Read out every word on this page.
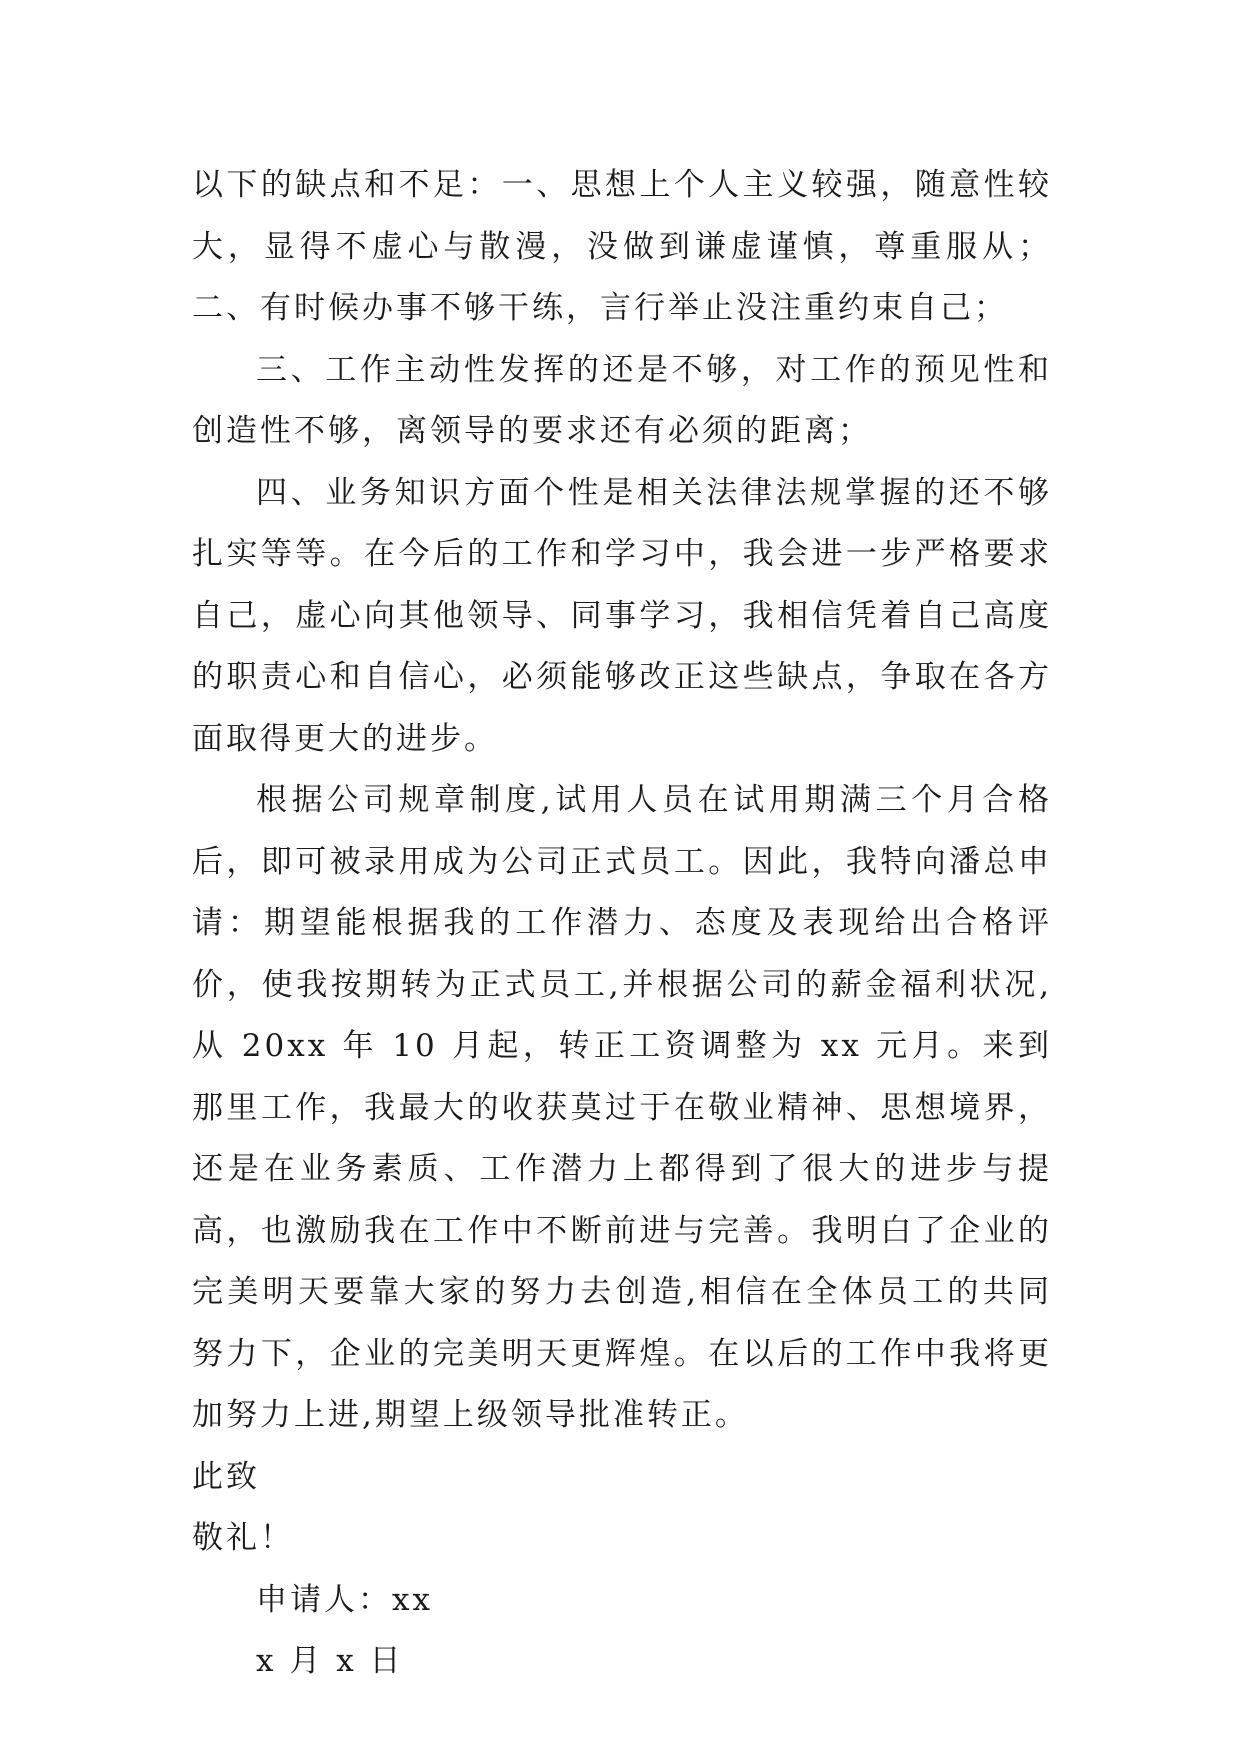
以下的缺点和不足：一、思想上个人主义较强，随意性较大，显得不虚心与散漫，没做到谦虚谨慎，尊重服从；二、有时候办事不够干练，言行举止没注重约束自己；

三、工作主动性发挥的还是不够，对工作的预见性和创造性不够，离领导的要求还有必须的距离；

四、业务知识方面个性是相关法律法规掌握的还不够扎实等等。在今后的工作和学习中，我会进一步严格要求自己，虚心向其他领导、同事学习，我相信凭着自己高度的职责心和自信心，必须能够改正这些缺点，争取在各方面取得更大的进步。

根据公司规章制度,试用人员在试用期满三个月合格后，即可被录用成为公司正式员工。因此，我特向潘总申请：期望能根据我的工作潜力、态度及表现给出合格评价，使我按期转为正式员工,并根据公司的薪金福利状况,从 20xx 年 10 月起，转正工资调整为 xx 元月。来到那里工作，我最大的收获莫过于在敬业精神、思想境界，还是在业务素质、工作潜力上都得到了很大的进步与提高，也激励我在工作中不断前进与完善。我明白了企业的完美明天要靠大家的努力去创造,相信在全体员工的共同努力下，企业的完美明天更辉煌。在以后的工作中我将更加努力上进,期望上级领导批准转正。

此致

敬礼！

申请人：xx

x 月 x 日
